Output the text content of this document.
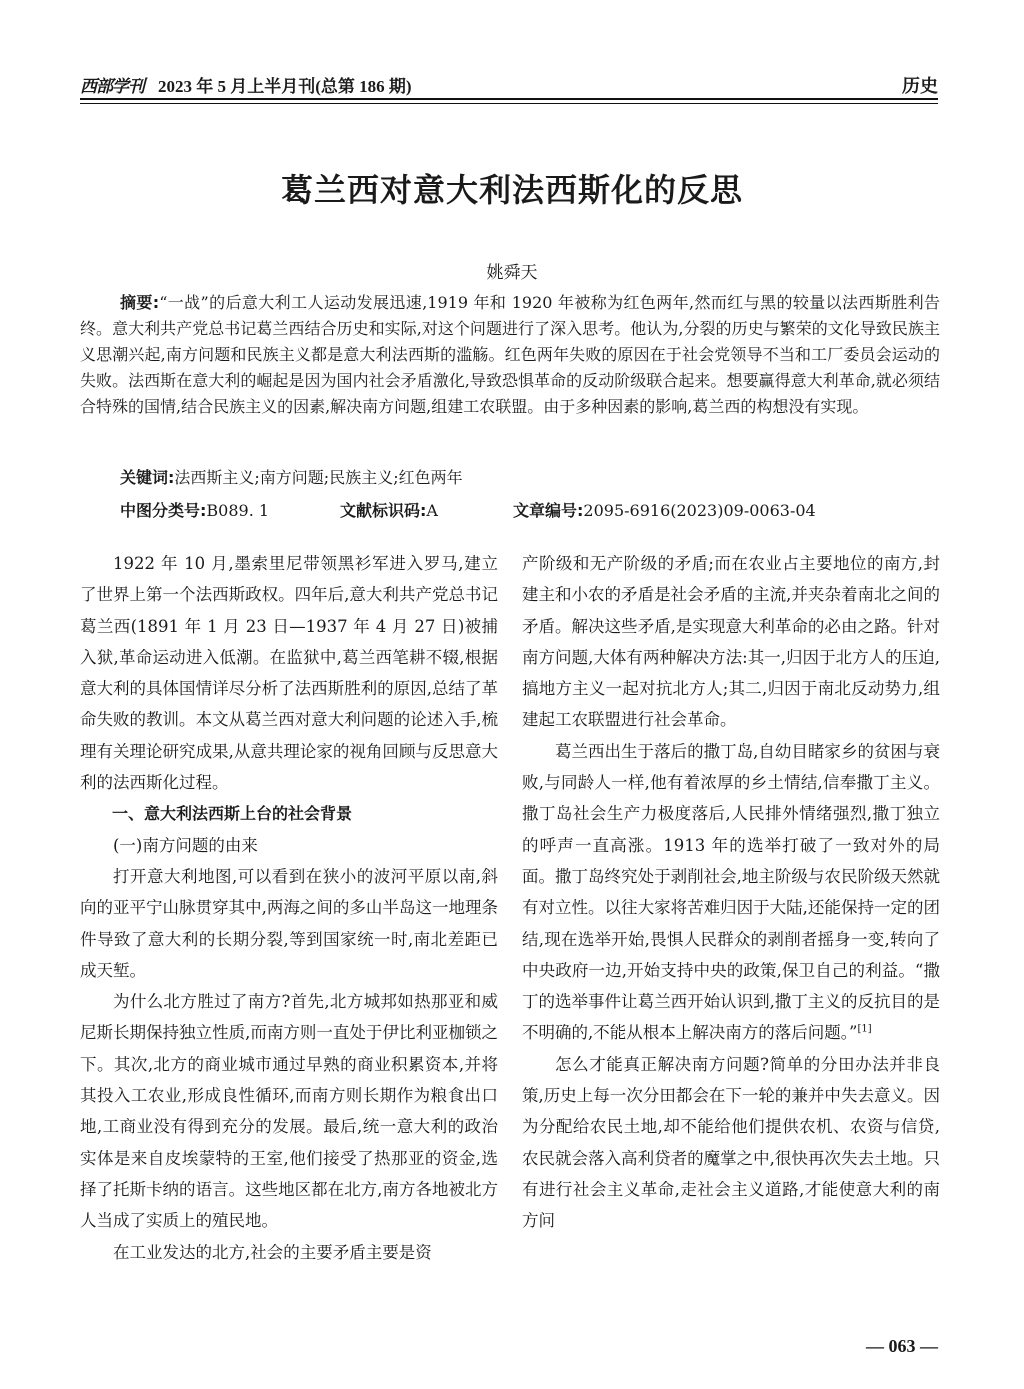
西部学刊 2023 年 5 月上半月刊(总第 186 期)	历史
葛兰西对意大利法西斯化的反思
姚舜天
摘要:“一战”的后意大利工人运动发展迅速,1919 年和 1920 年被称为红色两年,然而红与黑的较量以法西斯胜利告终。意大利共产党总书记葛兰西结合历史和实际,对这个问题进行了深入思考。他认为,分裂的历史与繁荣的文化导致民族主义思潮兴起,南方问题和民族主义都是意大利法西斯的滥觞。红色两年失败的原因在于社会党领导不当和工厂委员会运动的失败。法西斯在意大利的崛起是因为国内社会矛盾激化,导致恐惧革命的反动阶级联合起来。想要赢得意大利革命,就必须结合特殊的国情,结合民族主义的因素,解决南方问题,组建工农联盟。由于多种因素的影响,葛兰西的构想没有实现。
关键词:法西斯主义;南方问题;民族主义;红色两年
中图分类号:B089. 1	文献标识码:A	文章编号:2095-6916(2023)09-0063-04

1922 年 10 月,墨索里尼带领黑衫军进入罗马,建立了世界上第一个法西斯政权。四年后,意大利共产党总书记葛兰西(1891 年 1 月 23 日—1937 年 4 月 27 日)被捕入狱,革命运动进入低潮。在监狱中,葛兰西笔耕不辍,根据意大利的具体国情详尽分析了法西斯胜利的原因,总结了革命失败的教训。本文从葛兰西对意大利问题的论述入手,梳理有关理论研究成果,从意共理论家的视角回顾与反思意大利的法西斯化过程。

一、意大利法西斯上台的社会背景

(一)南方问题的由来

打开意大利地图,可以看到在狭小的波河平原以南,斜向的亚平宁山脉贯穿其中,两海之间的多山半岛这一地理条件导致了意大利的长期分裂,等到国家统一时,南北差距已成天堑。

为什么北方胜过了南方?首先,北方城邦如热那亚和威尼斯长期保持独立性质,而南方则一直处于伊比利亚枷锁之下。其次,北方的商业城市通过早熟的商业积累资本,并将其投入工农业,形成良性循环,而南方则长期作为粮食出口地,工商业没有得到充分的发展。最后,统一意大利的政治实体是来自皮埃蒙特的王室,他们接受了热那亚的资金,选择了托斯卡纳的语言。这些地区都在北方,南方各地被北方人当成了实质上的殖民地。

在工业发达的北方,社会的主要矛盾主要是资

产阶级和无产阶级的矛盾;而在农业占主要地位的南方,封建主和小农的矛盾是社会矛盾的主流,并夹杂着南北之间的矛盾。解决这些矛盾,是实现意大利革命的必由之路。针对南方问题,大体有两种解决方法:其一,归因于北方人的压迫,搞地方主义一起对抗北方人;其二,归因于南北反动势力,组建起工农联盟进行社会革命。

葛兰西出生于落后的撒丁岛,自幼目睹家乡的贫困与衰败,与同龄人一样,他有着浓厚的乡土情结,信奉撒丁主义。撒丁岛社会生产力极度落后,人民排外情绪强烈,撒丁独立的呼声一直高涨。1913 年的选举打破了一致对外的局面。撒丁岛终究处于剥削社会,地主阶级与农民阶级天然就有对立性。以往大家将苦难归因于大陆,还能保持一定的团结,现在选举开始,畏惧人民群众的剥削者摇身一变,转向了中央政府一边,开始支持中央的政策,保卫自己的利益。“撒丁的选举事件让葛兰西开始认识到,撒丁主义的反抗目的是不明确的,不能从根本上解决南方的落后问题。”[1]

怎么才能真正解决南方问题?简单的分田办法并非良策,历史上每一次分田都会在下一轮的兼并中失去意义。因为分配给农民土地,却不能给他们提供农机、农资与信贷,农民就会落入高利贷者的魔掌之中,很快再次失去土地。只有进行社会主义革命,走社会主义道路,才能使意大利的南方问

— 063 —
